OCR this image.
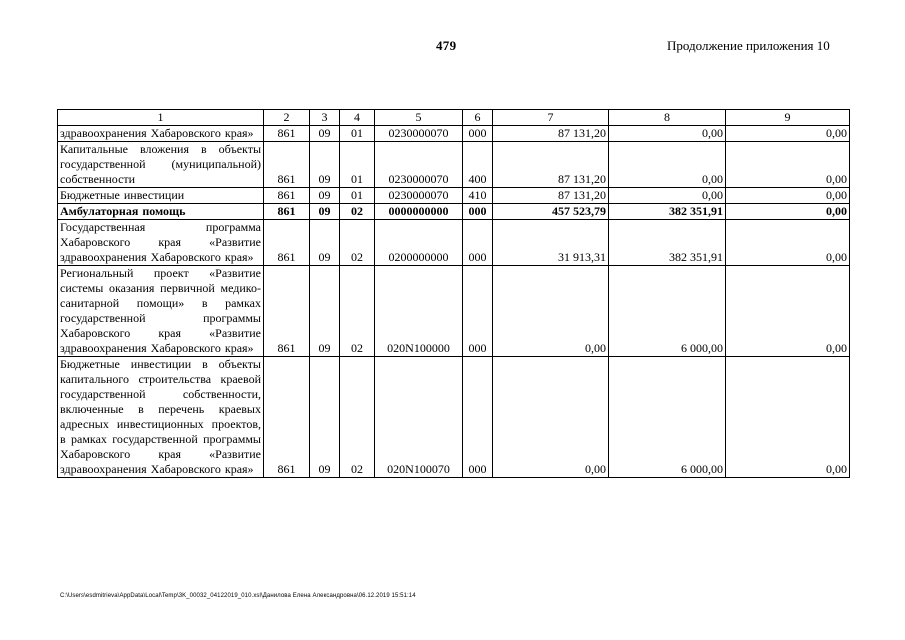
479	Продолжение приложения 10
1	2	3	4	5	6	7	8	9
здравоохранения Хабаровского края»	861	09	01	0230000070	000	87 131,20	0,00	0,00
Капитальные вложения в объекты государственной (муниципальной) собственности	861	09	01	0230000070	400	87 131,20	0,00	0,00
Бюджетные инвестиции	861	09	01	0230000070	410	87 131,20	0,00	0,00
Амбулаторная помощь	861	09	02	0000000000	000	457 523,79	382 351,91	0,00
Государственная программа Хабаровского края «Развитие здравоохранения Хабаровского края»	861	09	02	0200000000	000	31 913,31	382 351,91	0,00
Региональный проект «Развитие системы оказания первичной медико-санитарной помощи» в рамках государственной программы Хабаровского края «Развитие здравоохранения Хабаровского края»	861	09	02	020N100000	000	0,00	6 000,00	0,00
Бюджетные инвестиции в объекты капитального строительства краевой государственной собственности, включенные в перечень краевых адресных инвестиционных проектов, в рамках государственной программы Хабаровского края «Развитие здравоохранения Хабаровского края»	861	09	02	020N100070	000	0,00	6 000,00	0,00
C:\Users\esdmitrieva\AppData\Local\Temp\3K_00032_04122019_010.xsl\Данилова Елена Александровна\06.12.2019 15:51:14
